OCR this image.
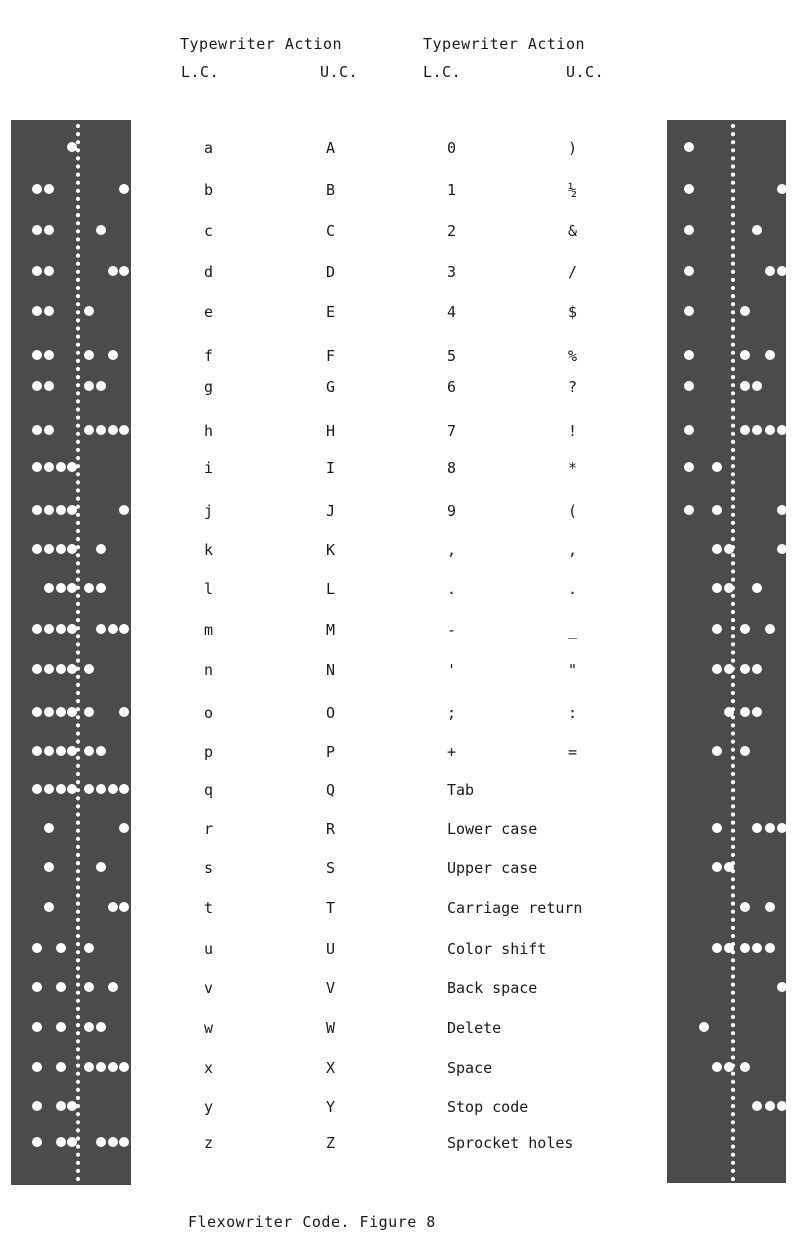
Typewriter Action	Typewriter Action
L.C.	U.C.	L.C.	U.C.
a	A	0	)
b	B	1	½
c	C	2	&
d	D	3	/
e	E	4	$
f	F	5	%
g	G	6	?
h	H	7	!
i	I	8	*
j	J	9	(
k	K	,	,
l	L	.	.
m	M	-	_
n	N	'	"
o	O	;	:
p	P	+	=
q	Q	Tab
r	R	Lower case
s	S	Upper case
t	T	Carriage return
u	U	Color shift
v	V	Back space
w	W	Delete
x	X	Space
y	Y	Stop code
z	Z	Sprocket holes
Flexowriter Code. Figure 8
